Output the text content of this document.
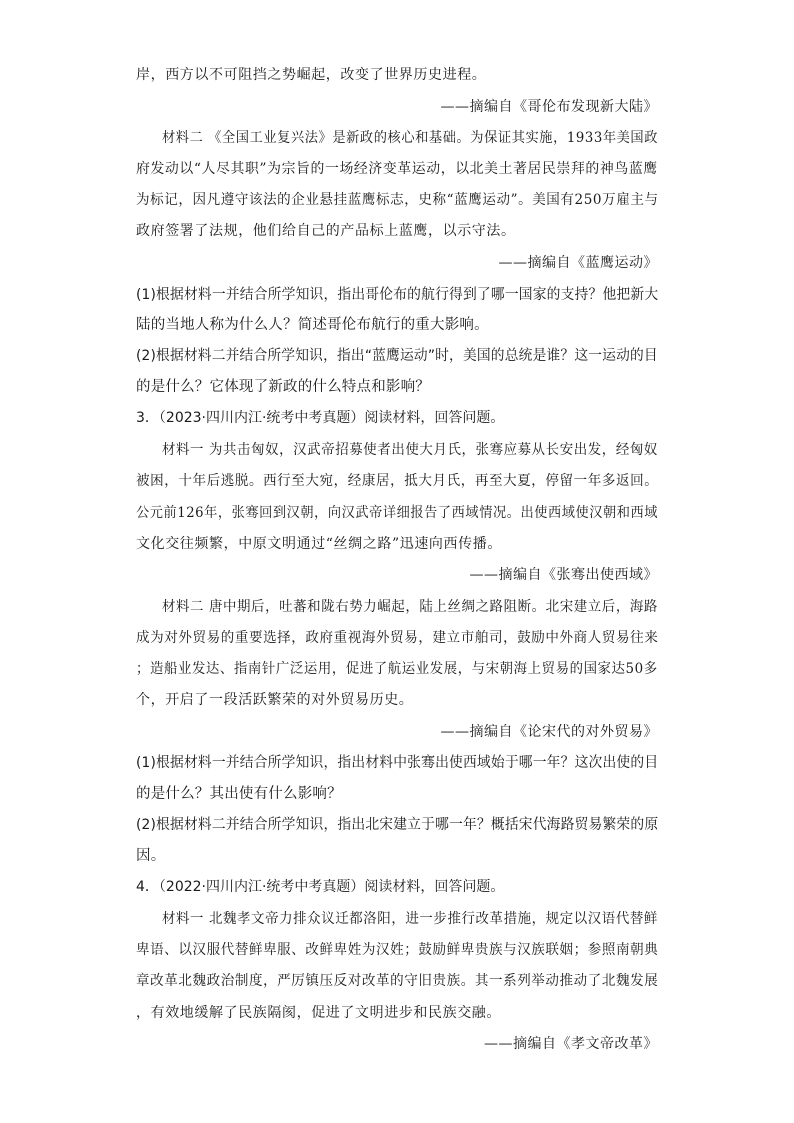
岸，西方以不可阻挡之势崛起，改变了世界历史进程。
——摘编自《哥伦布发现新大陆》
材料二 《全国工业复兴法》是新政的核心和基础。为保证其实施，1933年美国政
府发动以“人尽其职”为宗旨的一场经济变革运动，以北美土著居民崇拜的神鸟蓝鹰
为标记，因凡遵守该法的企业悬挂蓝鹰标志，史称“蓝鹰运动”。美国有250万雇主与
政府签署了法规，他们给自己的产品标上蓝鹰，以示守法。
——摘编自《蓝鹰运动》
(1)根据材料一并结合所学知识，指出哥伦布的航行得到了哪一国家的支持？他把新大
陆的当地人称为什么人？简述哥伦布航行的重大影响。
(2)根据材料二并结合所学知识，指出“蓝鹰运动”时，美国的总统是谁？这一运动的目
的是什么？它体现了新政的什么特点和影响？
3．（2023·四川内江·统考中考真题）阅读材料，回答问题。
材料一 为共击匈奴，汉武帝招募使者出使大月氏，张骞应募从长安出发，经匈奴
被困，十年后逃脱。西行至大宛，经康居，抵大月氏，再至大夏，停留一年多返回。
公元前126年，张骞回到汉朝，向汉武帝详细报告了西域情况。出使西域使汉朝和西域
文化交往频繁，中原文明通过“丝绸之路”迅速向西传播。
——摘编自《张骞出使西域》
材料二 唐中期后，吐蕃和陇右势力崛起，陆上丝绸之路阻断。北宋建立后，海路
成为对外贸易的重要选择，政府重视海外贸易，建立市舶司，鼓励中外商人贸易往来
；造船业发达、指南针广泛运用，促进了航运业发展，与宋朝海上贸易的国家达50多
个，开启了一段活跃繁荣的对外贸易历史。
——摘编自《论宋代的对外贸易》
(1)根据材料一并结合所学知识，指出材料中张骞出使西域始于哪一年？这次出使的目
的是什么？其出使有什么影响？
(2)根据材料二并结合所学知识，指出北宋建立于哪一年？概括宋代海路贸易繁荣的原
因。
4．（2022·四川内江·统考中考真题）阅读材料，回答问题。
材料一 北魏孝文帝力排众议迁都洛阳，进一步推行改革措施，规定以汉语代替鲜
卑语、以汉服代替鲜卑服、改鲜卑姓为汉姓；鼓励鲜卑贵族与汉族联姻；参照南朝典
章改革北魏政治制度，严厉镇压反对改革的守旧贵族。其一系列举动推动了北魏发展
，有效地缓解了民族隔阂，促进了文明进步和民族交融。
——摘编自《孝文帝改革》
